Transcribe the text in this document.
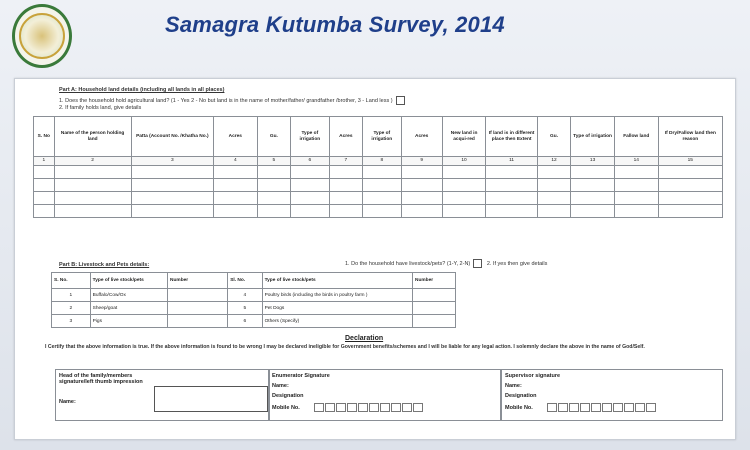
Samagra Kutumba Survey, 2014
Part A: Household land details (including all lands in all places)
1. Does the household hold agricultural land? (1 - Yes 2 - No but land is in the name of mother/father/ grandfather /brother, 3 - Land less )
2. If family holds land, give details
S. No	Name of the person holding land	Patta (Account No. /Khatha No.)	Acres	Gu.	Type of irrigation	Acres	Type of irrigation	Acres	New land in acqui-red	If land is in different place then Extent	Gu.	Type of irrigation	Fallow land	If Dry/Fallow land then reason
1	2	3	4	5	6	7	8	9	10	11	12	13	14	15

Part B: Livestock and Pets details:	1. Do the household have livestock/pets? (1-Y, 2-N)	2. If yes then give details
S. No.	Type of live stock/pets	Number	Sl. No.	Type of live stock/pets	Number
1	Buffalo/Cow/Ox		4	Poultry birds (including the birds in poultry farm )	
2	Sheep/goat		5	Pet Dogs	
3	Pigs		6	Others (Specify)	
Declaration
I Certify that the above information is true. If the above information is found to be wrong I may be declared ineligible for Government benefits/schemes and I will be liable for any legal action. I solemnly declare the above in the name of God/Self.
Head of the family/members signature/left thumb impression
Name:
Enumerator Signature
Name:
Designation
Mobile No.
Supervisor signature
Name:
Designation
Mobile No.
